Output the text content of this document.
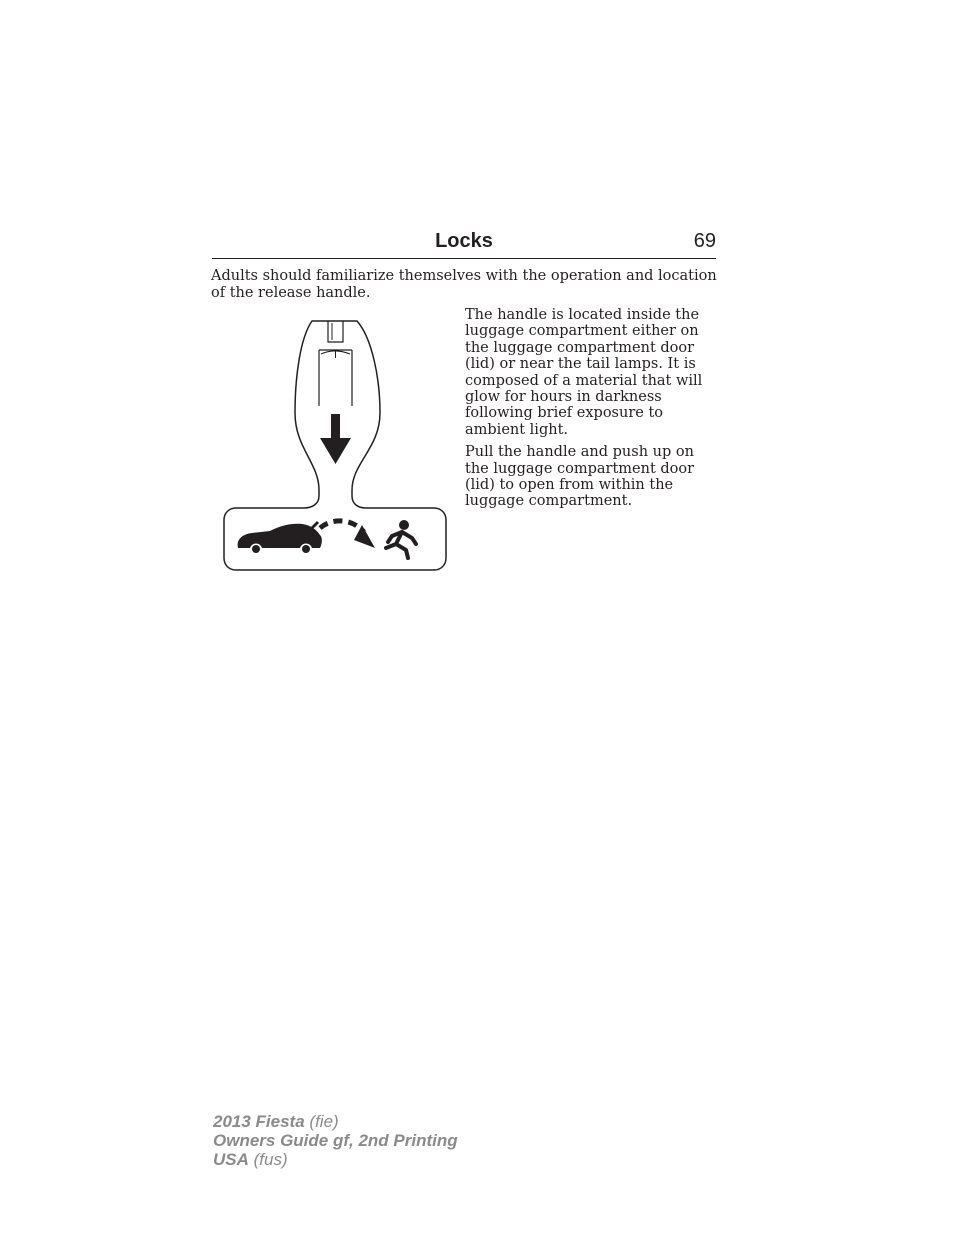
Locks	69

Adults should familiarize themselves with the operation and location of the release handle.

The handle is located inside the luggage compartment either on the luggage compartment door (lid) or near the tail lamps. It is composed of a material that will glow for hours in darkness following brief exposure to ambient light.

Pull the handle and push up on the luggage compartment door (lid) to open from within the luggage compartment.

2013 Fiesta (fie)
Owners Guide gf, 2nd Printing
USA (fus)
